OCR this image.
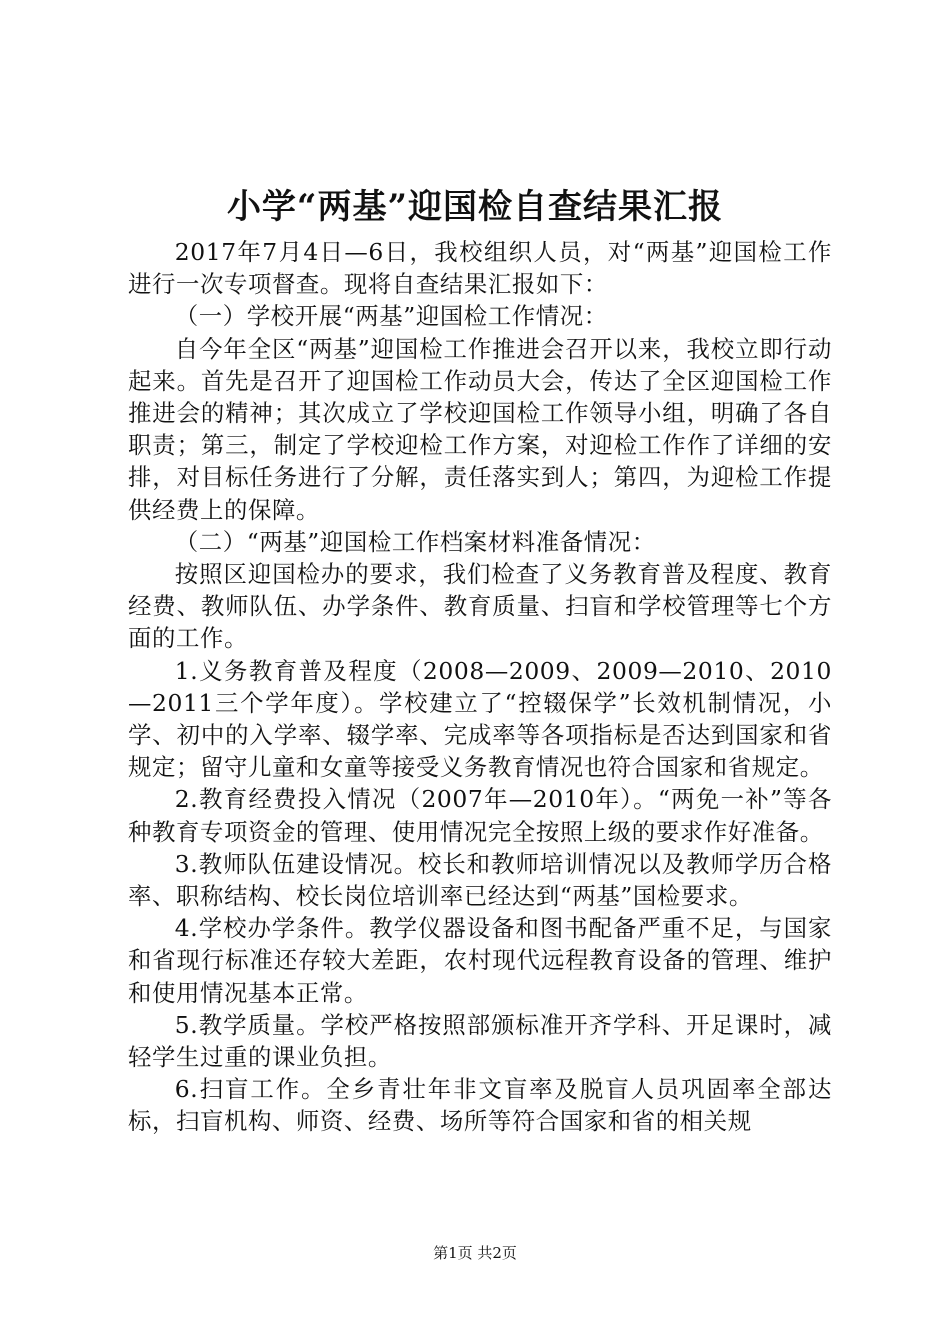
小学“两基”迎国检自查结果汇报

2017年7月4日—6日，我校组织人员，对“两基”迎国检工作进行一次专项督查。现将自查结果汇报如下：

（一）学校开展“两基”迎国检工作情况：

自今年全区“两基”迎国检工作推进会召开以来，我校立即行动起来。首先是召开了迎国检工作动员大会，传达了全区迎国检工作推进会的精神；其次成立了学校迎国检工作领导小组，明确了各自职责；第三，制定了学校迎检工作方案，对迎检工作作了详细的安排，对目标任务进行了分解，责任落实到人；第四，为迎检工作提供经费上的保障。

（二）“两基”迎国检工作档案材料准备情况：

按照区迎国检办的要求，我们检查了义务教育普及程度、教育经费、教师队伍、办学条件、教育质量、扫盲和学校管理等七个方面的工作。

1.义务教育普及程度（2008—2009、2009—2010、2010—2011三个学年度）。学校建立了“控辍保学”长效机制情况，小学、初中的入学率、辍学率、完成率等各项指标是否达到国家和省规定；留守儿童和女童等接受义务教育情况也符合国家和省规定。

2.教育经费投入情况（2007年—2010年）。“两免一补”等各种教育专项资金的管理、使用情况完全按照上级的要求作好准备。

3.教师队伍建设情况。校长和教师培训情况以及教师学历合格率、职称结构、校长岗位培训率已经达到“两基”国检要求。

4.学校办学条件。教学仪器设备和图书配备严重不足，与国家和省现行标准还存较大差距，农村现代远程教育设备的管理、维护和使用情况基本正常。

5.教学质量。学校严格按照部颁标准开齐学科、开足课时，减轻学生过重的课业负担。

6.扫盲工作。全乡青壮年非文盲率及脱盲人员巩固率全部达标，扫盲机构、师资、经费、场所等符合国家和省的相关规

第1页 共2页
